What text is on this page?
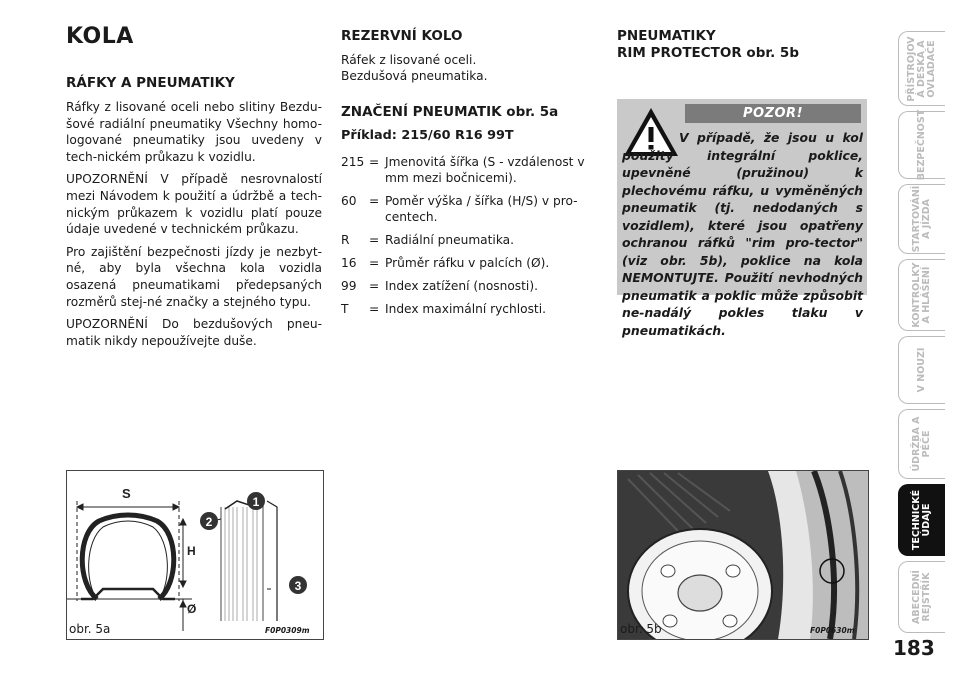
KOLA
RÁFKY A PNEUMATIKY

Ráfky z lisované oceli nebo slitiny Bezdu-šové radiální pneumatiky Všechny homo-logované pneumatiky jsou uvedeny v tech-nickém průkazu k vozidlu.

UPOZORNĚNÍ V případě nesrovnalostí mezi Návodem k použití a údržbě a tech-nickým průkazem k vozidlu platí pouze údaje uvedené v technickém průkazu.

Pro zajištění bezpečnosti jízdy je nezbyt-né, aby byla všechna kola vozidla osazená pneumatikami předepsaných rozměrů stej-né značky a stejného typu.

UPOZORNĚNÍ Do bezdušových pneu-matik nikdy nepoužívejte duše.

REZERVNÍ KOLO
Ráfek z lisované oceli.
Bezdušová pneumatika.
ZNAČENÍ PNEUMATIK obr. 5a
Příklad: 215/60 R16 99T
215 = Jmenovitá šířka (S - vzdálenost v mm mezi bočnicemi).
60	= Poměr výška / šířka (H/S) v pro-centech.
R	= Radiální pneumatika.
16	= Průměr ráfku v palcích (Ø).
99	= Index zatížení (nosnosti).
T	= Index maximální rychlosti.
PNEUMATIKY
RIM PROTECTOR obr. 5b
POZOR!
V případě, že jsou u kol použity integrální poklice, upevněné (pružinou) k plechovému ráfku, u vyměněných pneumatik (tj. nedodaných s vozidlem), které jsou opatřeny ochranou ráfků "rim pro-tector" (viz obr. 5b), poklice na kola NEMONTUJTE. Použití nevhodných pneumatik a poklic může způsobit ne-nadálý pokles tlaku v pneumatikách.
S
H
Ø
1
2
3
obr. 5a	F0P0309m	obr. 5b	F0P0630m
PŘÍSTROJOV
Á DESKA A
OVLADAČE
BEZPEČNOST
STARTOVÁNÍ
A JÍZDA
KONTROLKY
A HLÁŠENÍ
V NOUZI
ÚDRŽBA A
PÉČE
TECHNICKÉ
ÚDAJE
ABECEDNÍ
REJSTŘÍK
183
